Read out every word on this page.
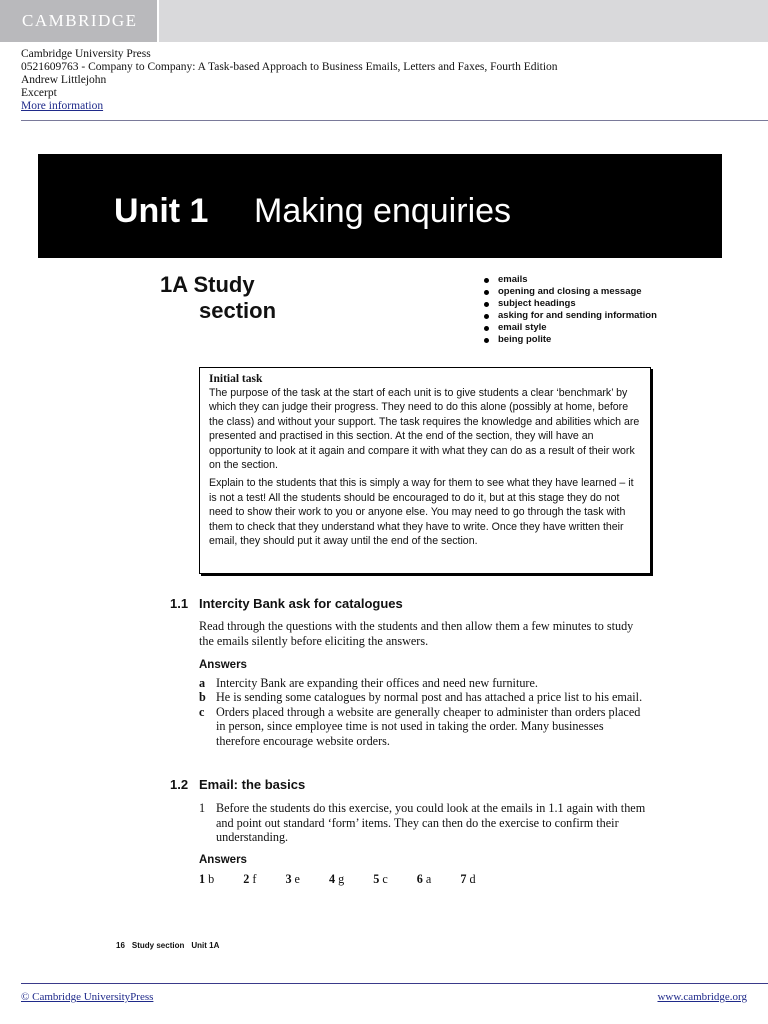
CAMBRIDGE
Cambridge University Press
0521609763 - Company to Company: A Task-based Approach to Business Emails, Letters and Faxes, Fourth Edition
Andrew Littlejohn
Excerpt
More information
Unit 1 Making enquiries
1A Study
section
emails
opening and closing a message
subject headings
asking for and sending information
email style
being polite
Initial task

The purpose of the task at the start of each unit is to give students a clear ‘benchmark’ by which they can judge their progress. They need to do this alone (possibly at home, before the class) and without your support. The task requires the knowledge and abilities which are presented and practised in this section. At the end of the section, they will have an opportunity to look at it again and compare it with what they can do as a result of their work on the section.

Explain to the students that this is simply a way for them to see what they have learned – it is not a test! All the students should be encouraged to do it, but at this stage they do not need to show their work to you or anyone else. You may need to go through the task with them to check that they understand what they have to write. Once they have written their email, they should put it away until the end of the section.

1.1 Intercity Bank ask for catalogues
Read through the questions with the students and then allow them a few minutes to study the emails silently before eliciting the answers.
Answers
a Intercity Bank are expanding their offices and need new furniture.
b He is sending some catalogues by normal post and has attached a price list to his email.
c Orders placed through a website are generally cheaper to administer than orders placed in person, since employee time is not used in taking the order. Many businesses therefore encourage website orders.
1.2 Email: the basics
1 Before the students do this exercise, you could look at the emails in 1.1 again with them and point out standard ‘form’ items. They can then do the exercise to confirm their understanding.
Answers
1 b 2 f 3 e 4 g 5 c 6 a 7 d
16 Study section Unit 1A
© Cambridge UniversityPress	www.cambridge.org
